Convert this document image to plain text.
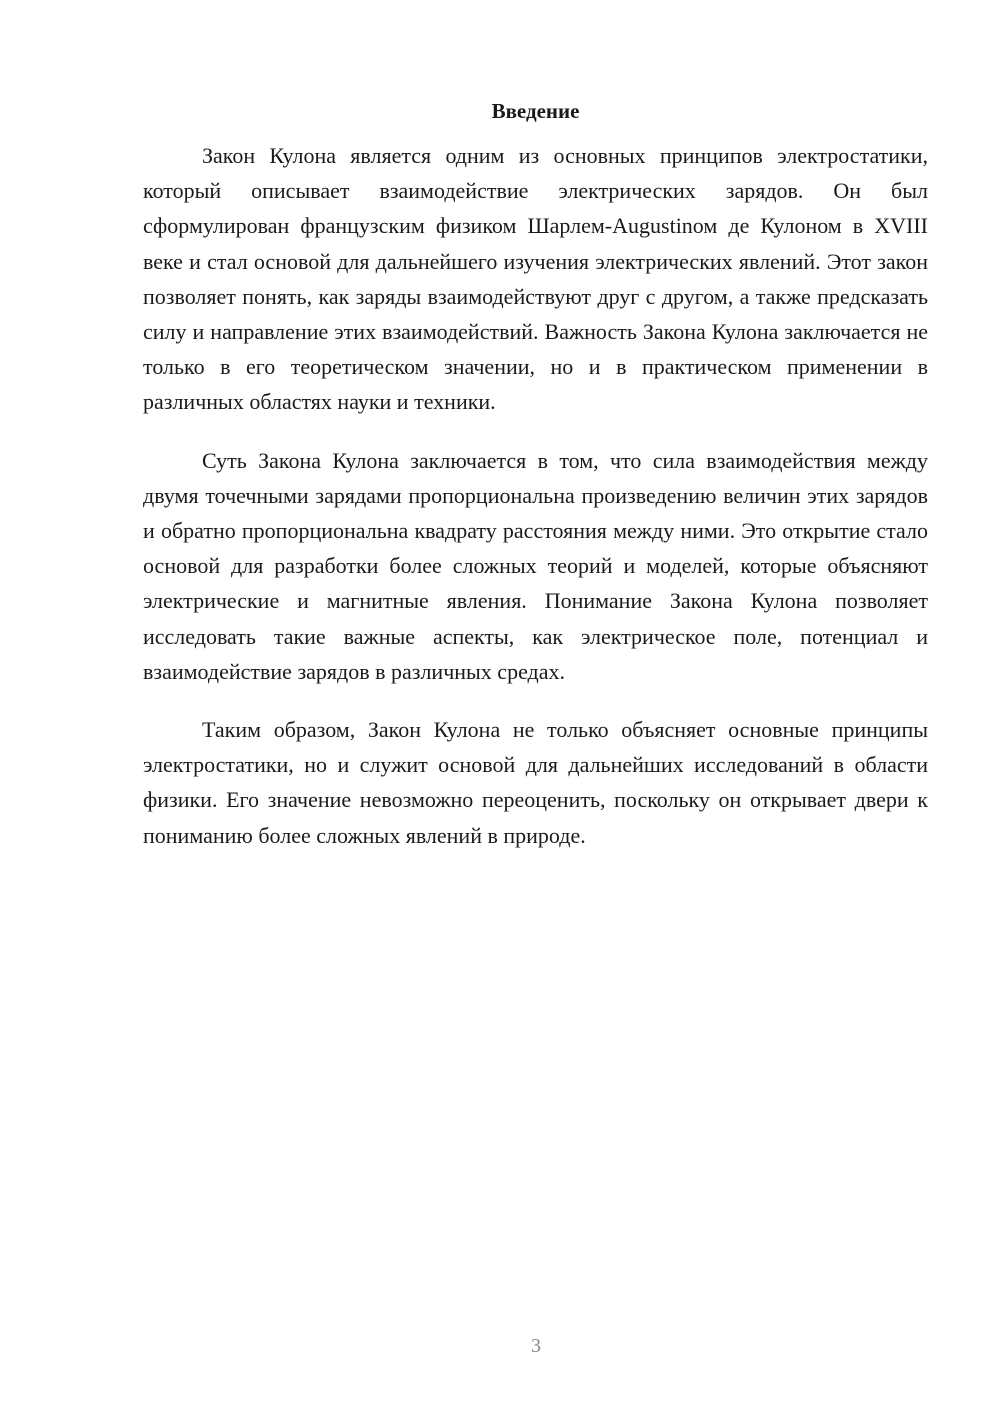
Введение

Закон Кулона является одним из основных принципов электростатики, который описывает взаимодействие электрических зарядов. Он был сформулирован французским физиком Шарлем-Augustinом де Кулоном в XVIII веке и стал основой для дальнейшего изучения электрических явлений. Этот закон позволяет понять, как заряды взаимодействуют друг с другом, а также предсказать силу и направление этих взаимодействий. Важность Закона Кулона заключается не только в его теоретическом значении, но и в практическом применении в различных областях науки и техники.

Суть Закона Кулона заключается в том, что сила взаимодействия между двумя точечными зарядами пропорциональна произведению величин этих зарядов и обратно пропорциональна квадрату расстояния между ними. Это открытие стало основой для разработки более сложных теорий и моделей, которые объясняют электрические и магнитные явления. Понимание Закона Кулона позволяет исследовать такие важные аспекты, как электрическое поле, потенциал и взаимодействие зарядов в различных средах.

Таким образом, Закон Кулона не только объясняет основные принципы электростатики, но и служит основой для дальнейших исследований в области физики. Его значение невозможно переоценить, поскольку он открывает двери к пониманию более сложных явлений в природе.

3
